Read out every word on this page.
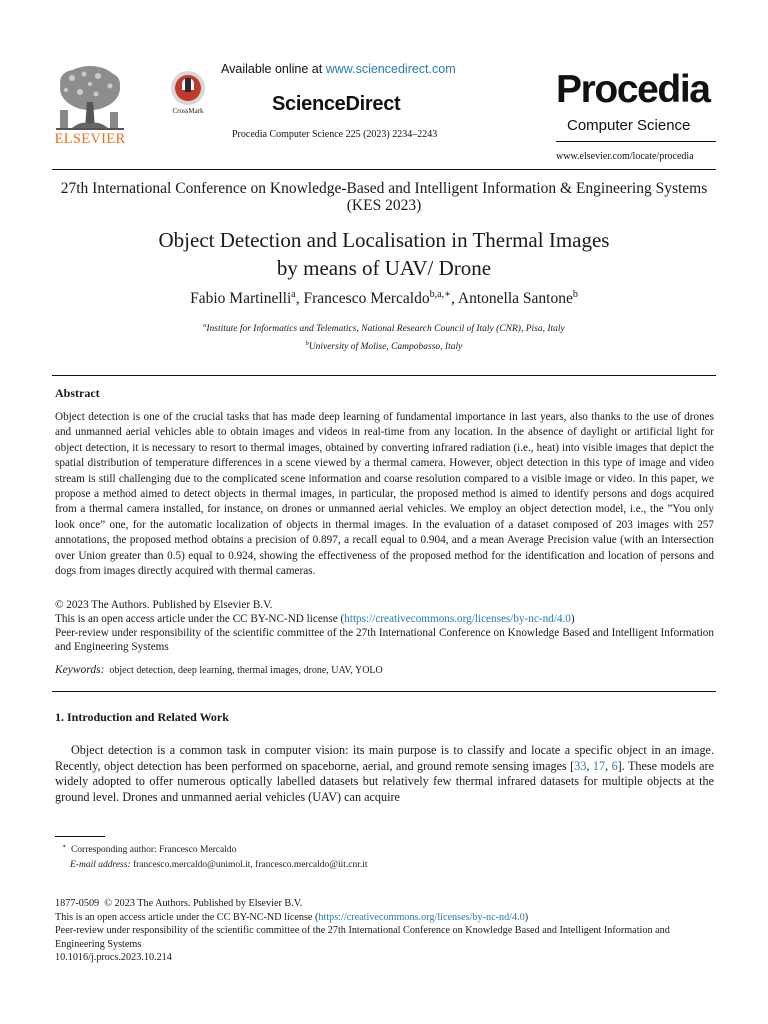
ELSEVIER
CrossMark
Available online at www.sciencedirect.com
ScienceDirect
Procedia Computer Science 225 (2023) 2234–2243
Procedia
Computer Science
www.elsevier.com/locate/procedia
27th International Conference on Knowledge-Based and Intelligent Information & Engineering Systems (KES 2023)
Object Detection and Localisation in Thermal Images
by means of UAV/ Drone
Fabio Martinelli$^a$, Francesco Mercaldo$^{b,a,∗}$, Antonella Santone$^b$
$^a$Institute for Informatics and Telematics, National Research Council of Italy (CNR), Pisa, Italy
$^b$University of Molise, Campobasso, Italy
Abstract
Object detection is one of the crucial tasks that has made deep learning of fundamental importance in last years, also thanks to the use of drones and unmanned aerial vehicles able to obtain images and videos in real-time from any location. In the absence of daylight or artificial light for object detection, it is necessary to resort to thermal images, obtained by converting infrared radiation (i.e., heat) into visible images that depict the spatial distribution of temperature differences in a scene viewed by a thermal camera. However, object detection in this type of image and video stream is still challenging due to the complicated scene information and coarse resolution compared to a visible image or video. In this paper, we propose a method aimed to detect objects in thermal images, in particular, the proposed method is aimed to identify persons and dogs acquired from a thermal camera installed, for instance, on drones or unmanned aerial vehicles. We employ an object detection model, i.e., the ”You only look once” one, for the automatic localization of objects in thermal images. In the evaluation of a dataset composed of 203 images with 257 annotations, the proposed method obtains a precision of 0.897, a recall equal to 0.904, and a mean Average Precision value (with an Intersection over Union greater than 0.5) equal to 0.924, showing the effectiveness of the proposed method for the identification and location of persons and dogs from images directly acquired with thermal cameras.
© 2023 The Authors. Published by Elsevier B.V.
This is an open access article under the CC BY-NC-ND license (https://creativecommons.org/licenses/by-nc-nd/4.0)
Peer-review under responsibility of the scientific committee of the 27th International Conference on Knowledge Based and Intelligent Information and Engineering Systems
Keywords: object detection, deep learning, thermal images, drone, UAV, YOLO
1. Introduction and Related Work
Object detection is a common task in computer vision: its main purpose is to classify and locate a specific object in an image. Recently, object detection has been performed on spaceborne, aerial, and ground remote sensing images [33, 17, 6]. These models are widely adopted to offer numerous optically labelled datasets but relatively few thermal infrared datasets for multiple objects at the ground level. Drones and unmanned aerial vehicles (UAV) can acquire
∗ Corresponding author: Francesco Mercaldo
E-mail address: francesco.mercaldo@unimol.it, francesco.mercaldo@iit.cnr.it
1877-0509 © 2023 The Authors. Published by Elsevier B.V.
This is an open access article under the CC BY-NC-ND license (https://creativecommons.org/licenses/by-nc-nd/4.0)
Peer-review under responsibility of the scientific committee of the 27th International Conference on Knowledge Based and Intelligent Information and Engineering Systems
10.1016/j.procs.2023.10.214
